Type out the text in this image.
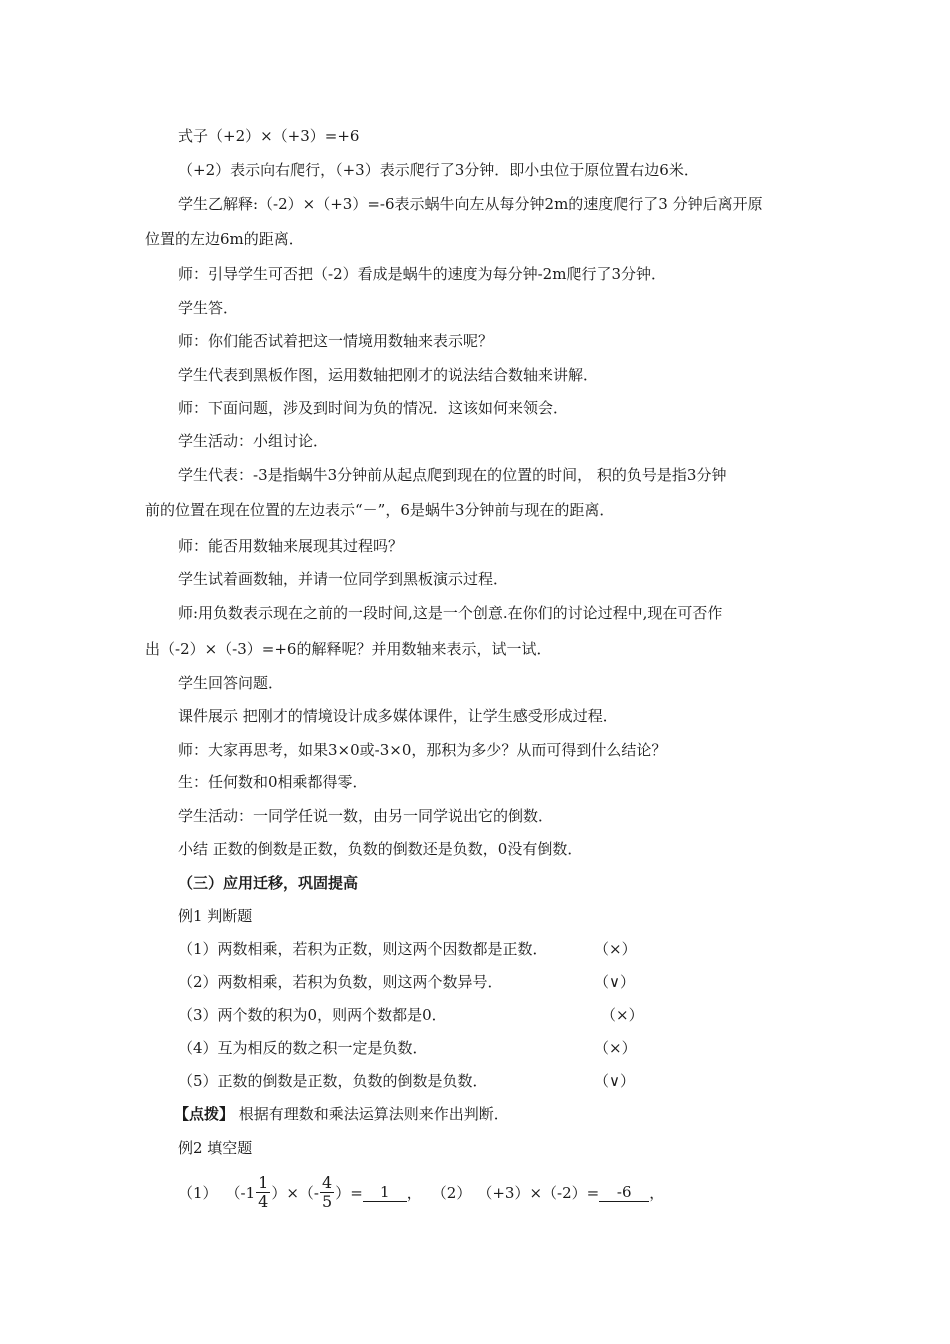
式子（+2）×（+3）=+6
（+2）表示向右爬行，（+3）表示爬行了3分钟．即小虫位于原位置右边6米．
学生乙解释:（-2）×（+3）=-6表示蜗牛向左从每分钟2m的速度爬行了3 分钟后离开原
位置的左边6m的距离．
师：引导学生可否把（-2）看成是蜗牛的速度为每分钟-2m爬行了3分钟．
学生答．
师：你们能否试着把这一情境用数轴来表示呢？
学生代表到黑板作图，运用数轴把刚才的说法结合数轴来讲解．
师：下面问题，涉及到时间为负的情况．这该如何来领会．
学生活动：小组讨论．
学生代表：-3是指蜗牛3分钟前从起点爬到现在的位置的时间， 积的负号是指3分钟
前的位置在现在位置的左边表示“－”，6是蜗牛3分钟前与现在的距离．
师：能否用数轴来展现其过程吗？
学生试着画数轴，并请一位同学到黑板演示过程．
师:用负数表示现在之前的一段时间,这是一个创意.在你们的讨论过程中,现在可否作
出（-2）×（-3）=+6的解释呢？并用数轴来表示，试一试．
学生回答问题．
课件展示 把刚才的情境设计成多媒体课件，让学生感受形成过程．
师：大家再思考，如果3×0或-3×0，那积为多少？从而可得到什么结论？
生：任何数和0相乘都得零．
学生活动：一同学任说一数，由另一同学说出它的倒数．
小结 正数的倒数是正数，负数的倒数还是负数，0没有倒数．
（三）应用迁移，巩固提高
例1 判断题
（1）两数相乘，若积为正数，则这两个因数都是正数．	（×）
（2）两数相乘，若积为负数，则这两个数异号．	（∨）
（3）两个数的积为0，则两个数都是0．	（×）
（4）互为相反的数之积一定是负数．	（×）
（5）正数的倒数是正数，负数的倒数是负数．	（∨）
【点拨】 根据有理数和乘法运算法则来作出判断．
例2 填空题
（1） （$-1 \frac{1}{4}$ ）×（- $\frac{4}{5}$ ）=	1	， （2） （+3）×（-2）=	-6	，
